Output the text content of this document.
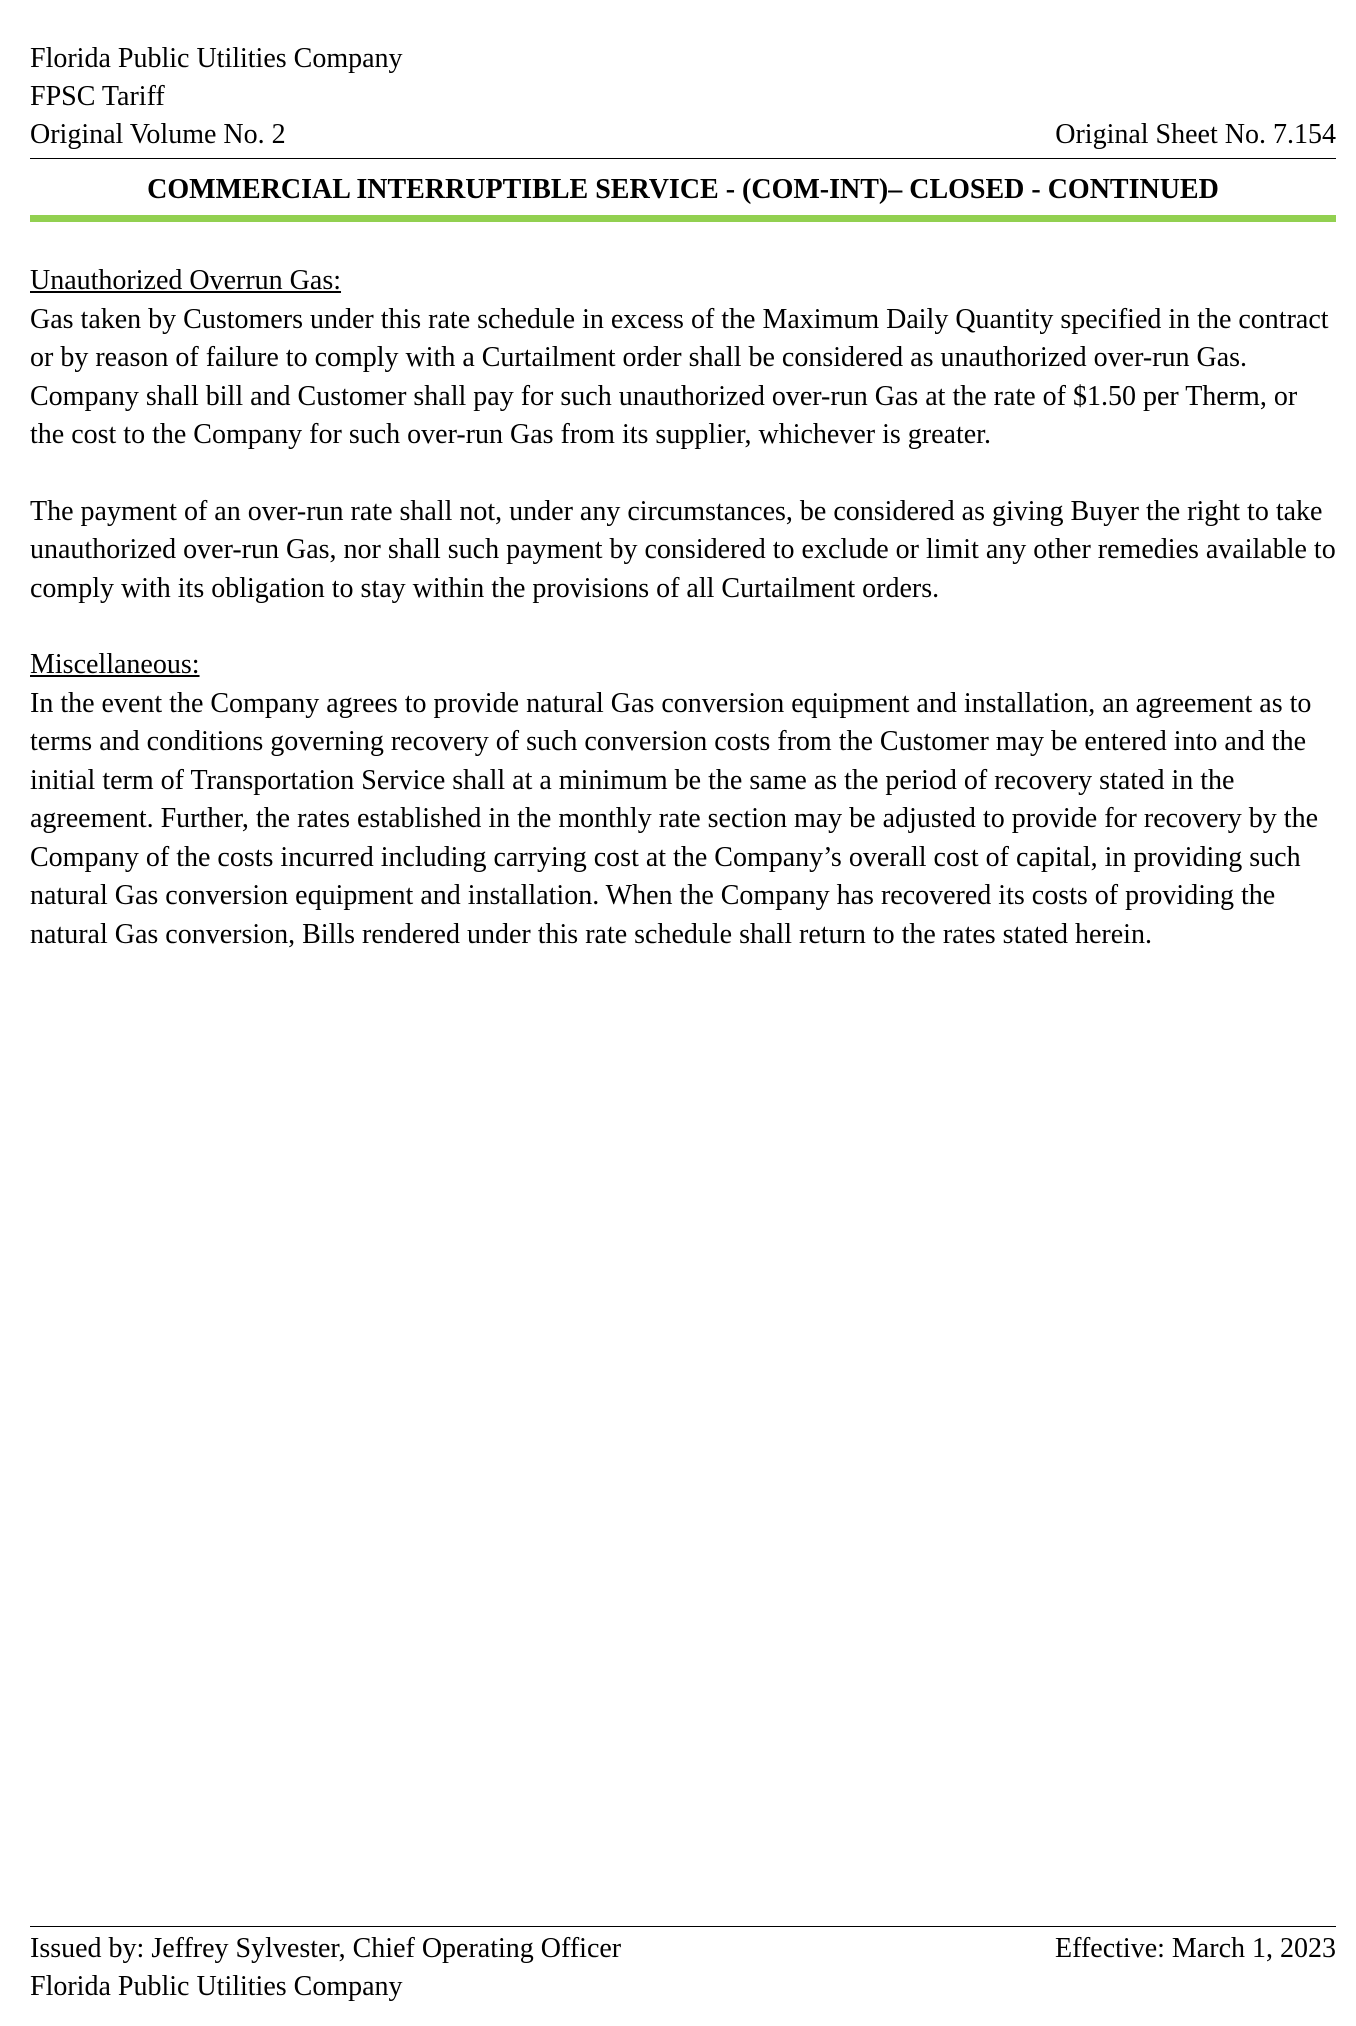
Florida Public Utilities Company
FPSC Tariff
Original Volume No. 2	Original Sheet No. 7.154
COMMERCIAL INTERRUPTIBLE SERVICE - (COM-INT)– CLOSED - CONTINUED
Unauthorized Overrun Gas:

Gas taken by Customers under this rate schedule in excess of the Maximum Daily Quantity specified in the contract or by reason of failure to comply with a Curtailment order shall be considered as unauthorized over-run Gas. Company shall bill and Customer shall pay for such unauthorized over-run Gas at the rate of $1.50 per Therm, or the cost to the Company for such over-run Gas from its supplier, whichever is greater.

The payment of an over-run rate shall not, under any circumstances, be considered as giving Buyer the right to take unauthorized over-run Gas, nor shall such payment by considered to exclude or limit any other remedies available to comply with its obligation to stay within the provisions of all Curtailment orders.

Miscellaneous:

In the event the Company agrees to provide natural Gas conversion equipment and installation, an agreement as to terms and conditions governing recovery of such conversion costs from the Customer may be entered into and the initial term of Transportation Service shall at a minimum be the same as the period of recovery stated in the agreement. Further, the rates established in the monthly rate section may be adjusted to provide for recovery by the Company of the costs incurred including carrying cost at the Company’s overall cost of capital, in providing such natural Gas conversion equipment and installation. When the Company has recovered its costs of providing the natural Gas conversion, Bills rendered under this rate schedule shall return to the rates stated herein.

Issued by: Jeffrey Sylvester, Chief Operating Officer	Effective: March 1, 2023
Florida Public Utilities Company
